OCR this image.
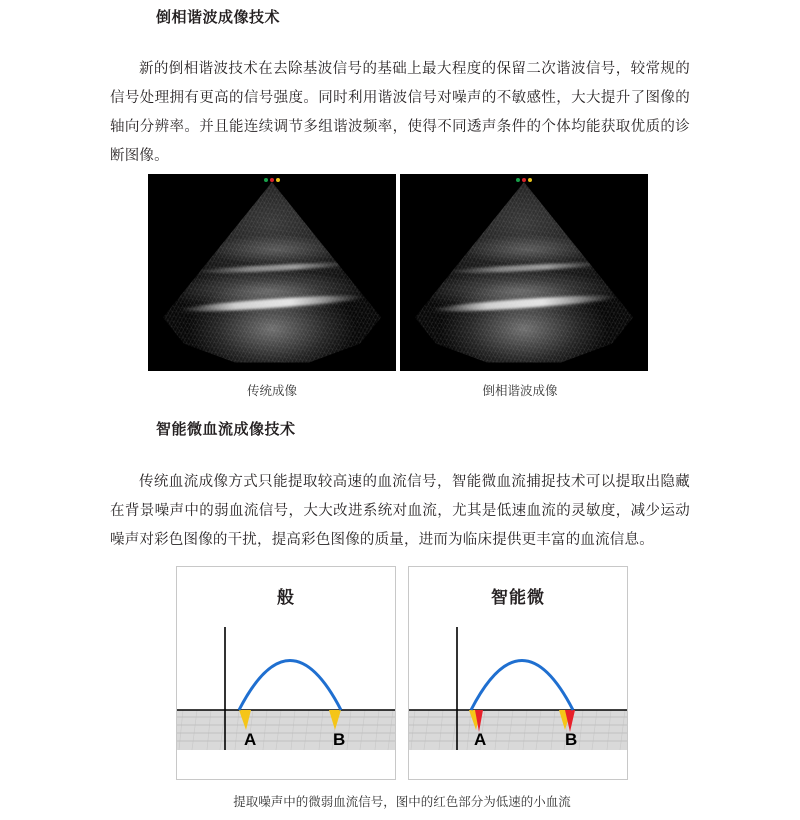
倒相谐波成像技术
新的倒相谐波技术在去除基波信号的基础上最大程度的保留二次谐波信号，较常规的信号处理拥有更高的信号强度。同时利用谐波信号对噪声的不敏感性，大大提升了图像的轴向分辨率。并且能连续调节多组谐波频率，使得不同透声条件的个体均能获取优质的诊断图像。
传统成像	倒相谐波成像
智能微血流成像技术
传统血流成像方式只能提取较高速的血流信号，智能微血流捕捉技术可以提取出隐藏在背景噪声中的弱血流信号，大大改进系统对血流，尤其是低速血流的灵敏度，减少运动噪声对彩色图像的干扰，提高彩色图像的质量，进而为临床提供更丰富的血流信息。
般
A	B
智能微
A	B
提取噪声中的微弱血流信号，图中的红色部分为低速的小血流
